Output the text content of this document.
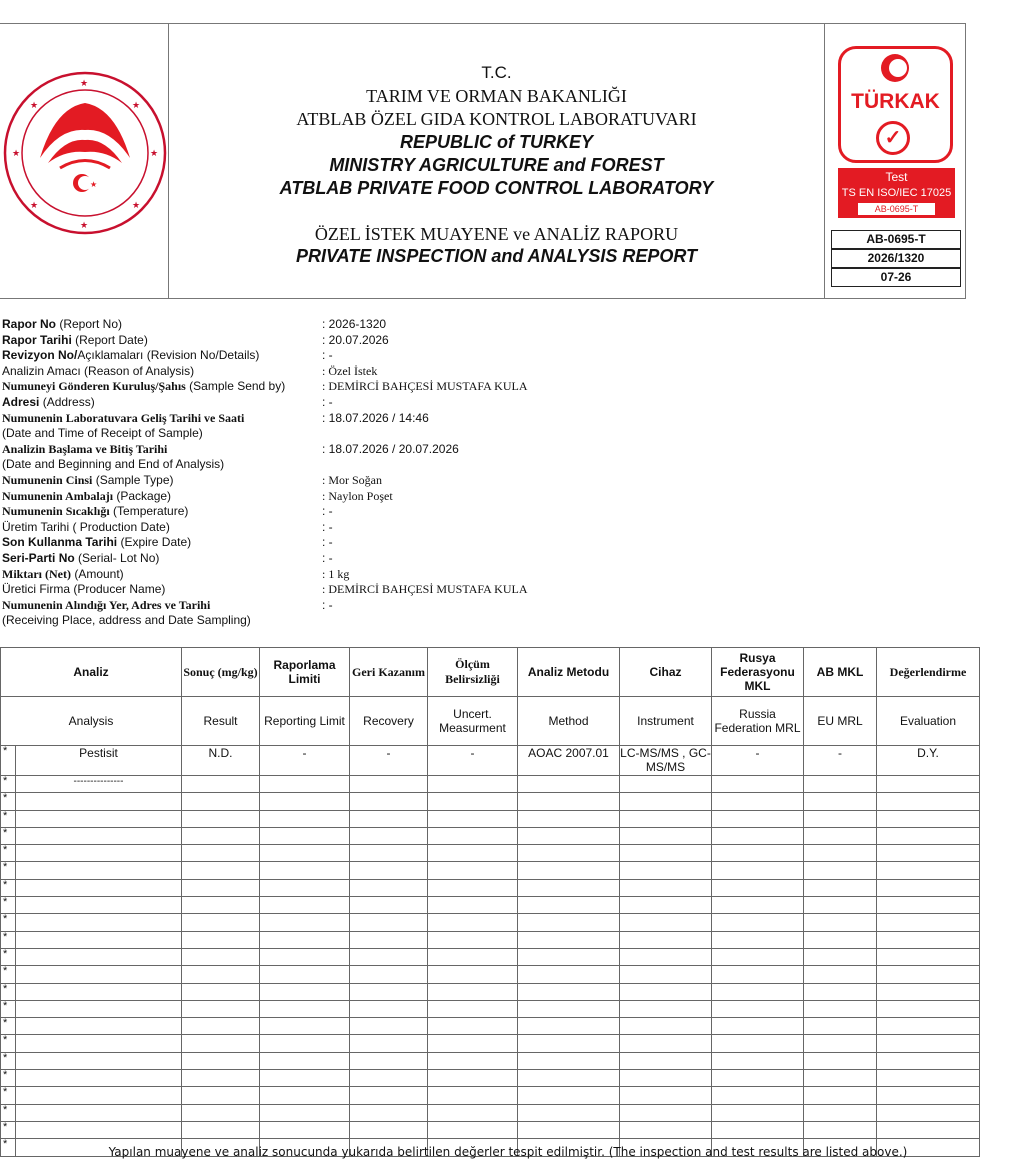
★
★	★
★	★
★	★
★
★
T.C.
TARIM VE ORMAN BAKANLIĞI
ATBLAB ÖZEL GIDA KONTROL LABORATUVARI
REPUBLIC of TURKEY
MINISTRY AGRICULTURE and FOREST
ATBLAB PRIVATE FOOD CONTROL LABORATORY
ÖZEL İSTEK MUAYENE ve ANALİZ RAPORU
PRIVATE INSPECTION and ANALYSIS REPORT
TÜRKAK
✓
Test
TS EN ISO/IEC 17025
AB-0695-T
AB-0695-T
2026/1320
07-26
Rapor No (Report No)	: 2026-1320
Rapor Tarihi (Report Date)	: 20.07.2026
Revizyon No/Açıklamaları (Revision No/Details)	: -
Analizin Amacı (Reason of Analysis)	: Özel İstek
Numuneyi Gönderen Kuruluş/Şahıs (Sample Send by)	: DEMİRCİ BAHÇESİ MUSTAFA KULA
Adresi (Address)	: -
Numunenin Laboratuvara Geliş Tarihi ve Saati	: 18.07.2026 / 14:46
(Date and Time of Receipt of Sample)
Analizin Başlama ve Bitiş Tarihi	: 18.07.2026 / 20.07.2026
(Date and Beginning and End of Analysis)
Numunenin Cinsi (Sample Type)	: Mor Soğan
Numunenin Ambalajı (Package)	: Naylon Poşet
Numunenin Sıcaklığı (Temperature)	: -
Üretim Tarihi ( Production Date)	: -
Son Kullanma Tarihi (Expire Date)	: -
Seri-Parti No (Serial- Lot No)	: -
Miktarı (Net) (Amount)	: 1 kg
Üretici Firma (Producer Name)	: DEMİRCİ BAHÇESİ MUSTAFA KULA
Numunenin Alındığı Yer, Adres ve Tarihi	: -
(Receiving Place, address and Date Sampling)
Analiz		Sonuç (mg/kg)	Raporlama Limiti	Geri Kazanım	Ölçüm Belirsizliği	Analiz Metodu	Cihaz	Rusya Federasyonu MKL	AB MKL	Değerlendirme
Analysis		Result	Reporting Limit	Recovery	Uncert. Measurment	Method	Instrument	Russia Federation MRL	EU MRL	Evaluation
*	Pestisit	N.D.	-	-	-	AOAC 2007.01	LC-MS/MS , GC-MS/MS	-	-	D.Y.
*	---------------									
*										
*										
*										
*										
*										
*										
*										
*										
*										
*										
*										
*										
*										
*										
*										
*										
*										
*										
*										
*										
*										
Yapılan muayene ve analiz sonucunda yukarıda belirtilen değerler tespit edilmiştir. (The inspection and test results are listed above.)
